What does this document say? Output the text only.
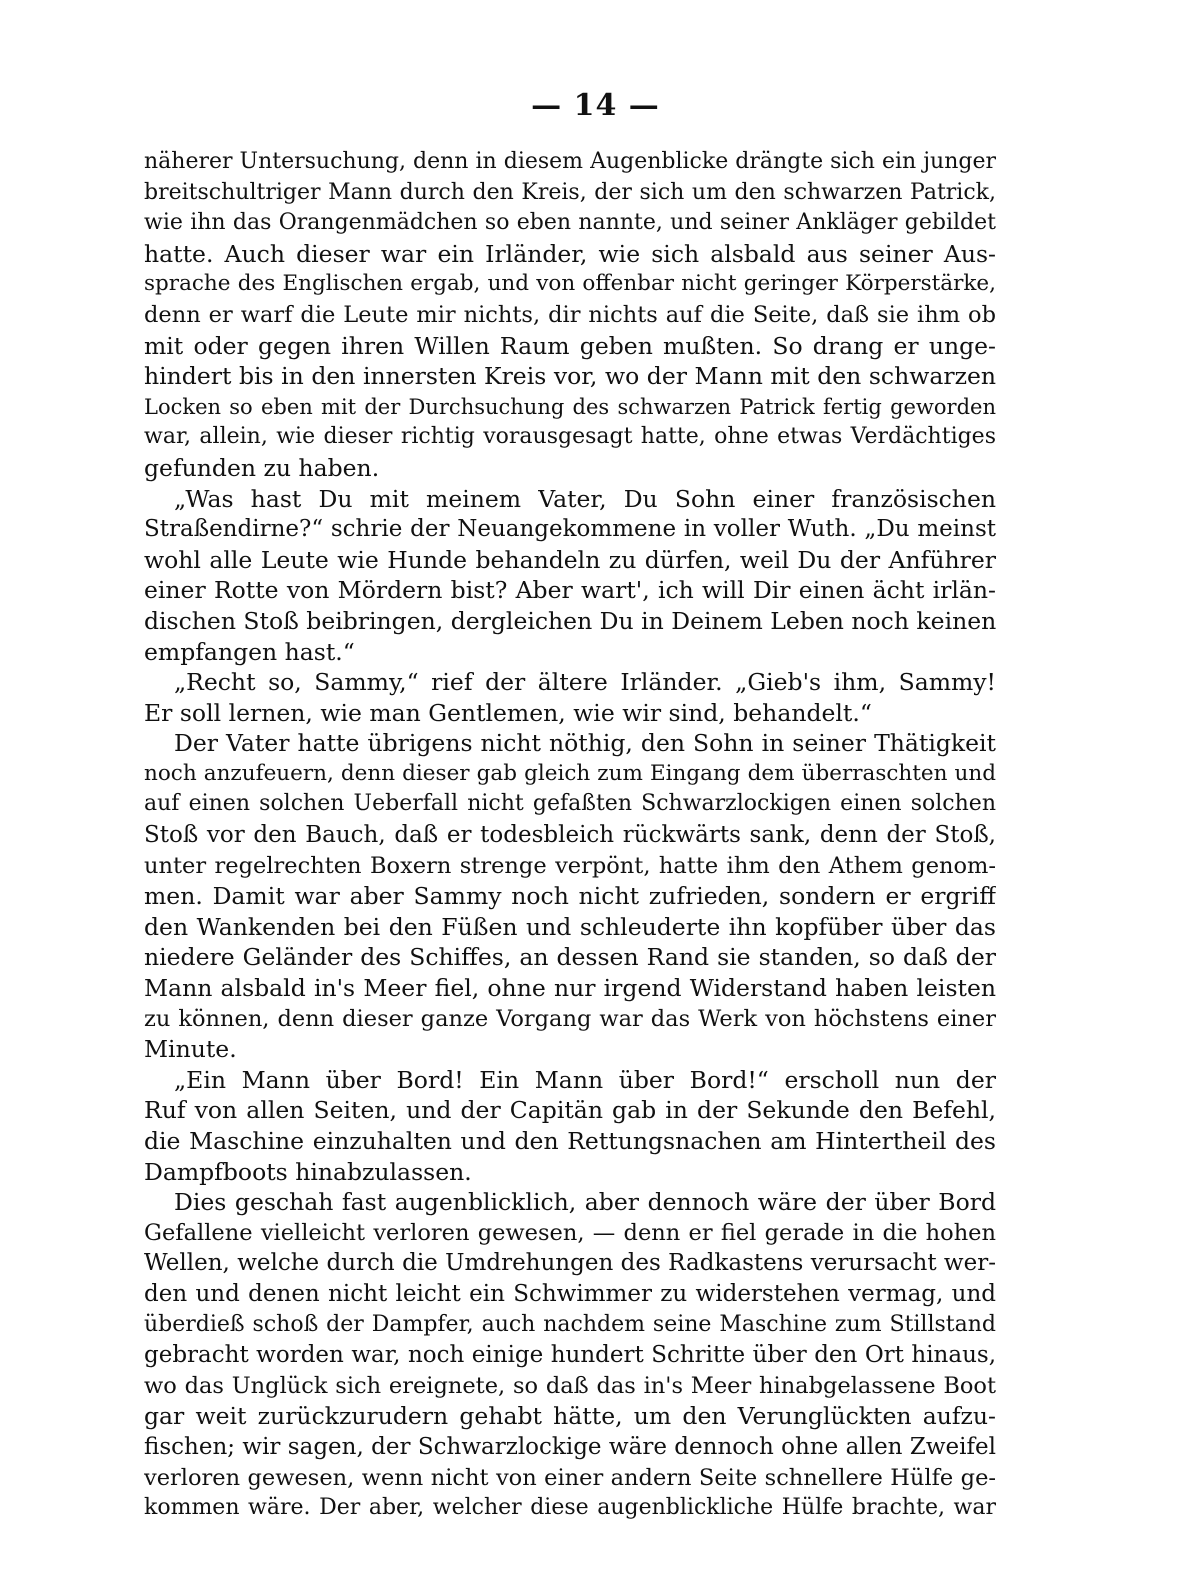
— 14 —
näherer Untersuchung, denn in diesem Augenblicke drängte sich ein junger
breitschultriger Mann durch den Kreis, der sich um den schwarzen Patrick,
wie ihn das Orangenmädchen so eben nannte, und seiner Ankläger gebildet
hatte. Auch dieser war ein Irländer, wie sich alsbald aus seiner Aus-
sprache des Englischen ergab, und von offenbar nicht geringer Körperstärke,
denn er warf die Leute mir nichts, dir nichts auf die Seite, daß sie ihm ob
mit oder gegen ihren Willen Raum geben mußten. So drang er unge-
hindert bis in den innersten Kreis vor, wo der Mann mit den schwarzen
Locken so eben mit der Durchsuchung des schwarzen Patrick fertig geworden
war, allein, wie dieser richtig vorausgesagt hatte, ohne etwas Verdächtiges
gefunden zu haben.
„Was hast Du mit meinem Vater, Du Sohn einer französischen
Straßendirne?“ schrie der Neuangekommene in voller Wuth. „Du meinst
wohl alle Leute wie Hunde behandeln zu dürfen, weil Du der Anführer
einer Rotte von Mördern bist? Aber wart', ich will Dir einen ächt irlän-
dischen Stoß beibringen, dergleichen Du in Deinem Leben noch keinen
empfangen hast.“
„Recht so, Sammy,“ rief der ältere Irländer. „Gieb's ihm, Sammy!
Er soll lernen, wie man Gentlemen, wie wir sind, behandelt.“
Der Vater hatte übrigens nicht nöthig, den Sohn in seiner Thätigkeit
noch anzufeuern, denn dieser gab gleich zum Eingang dem überraschten und
auf einen solchen Ueberfall nicht gefaßten Schwarzlockigen einen solchen
Stoß vor den Bauch, daß er todesbleich rückwärts sank, denn der Stoß,
unter regelrechten Boxern strenge verpönt, hatte ihm den Athem genom-
men. Damit war aber Sammy noch nicht zufrieden, sondern er ergriff
den Wankenden bei den Füßen und schleuderte ihn kopfüber über das
niedere Geländer des Schiffes, an dessen Rand sie standen, so daß der
Mann alsbald in's Meer fiel, ohne nur irgend Widerstand haben leisten
zu können, denn dieser ganze Vorgang war das Werk von höchstens einer
Minute.
„Ein Mann über Bord! Ein Mann über Bord!“ erscholl nun der
Ruf von allen Seiten, und der Capitän gab in der Sekunde den Befehl,
die Maschine einzuhalten und den Rettungsnachen am Hintertheil des
Dampfboots hinabzulassen.
Dies geschah fast augenblicklich, aber dennoch wäre der über Bord
Gefallene vielleicht verloren gewesen, — denn er fiel gerade in die hohen
Wellen, welche durch die Umdrehungen des Radkastens verursacht wer-
den und denen nicht leicht ein Schwimmer zu widerstehen vermag, und
überdieß schoß der Dampfer, auch nachdem seine Maschine zum Stillstand
gebracht worden war, noch einige hundert Schritte über den Ort hinaus,
wo das Unglück sich ereignete, so daß das in's Meer hinabgelassene Boot
gar weit zurückzurudern gehabt hätte, um den Verunglückten aufzu-
fischen; wir sagen, der Schwarzlockige wäre dennoch ohne allen Zweifel
verloren gewesen, wenn nicht von einer andern Seite schnellere Hülfe ge-
kommen wäre. Der aber, welcher diese augenblickliche Hülfe brachte, war
